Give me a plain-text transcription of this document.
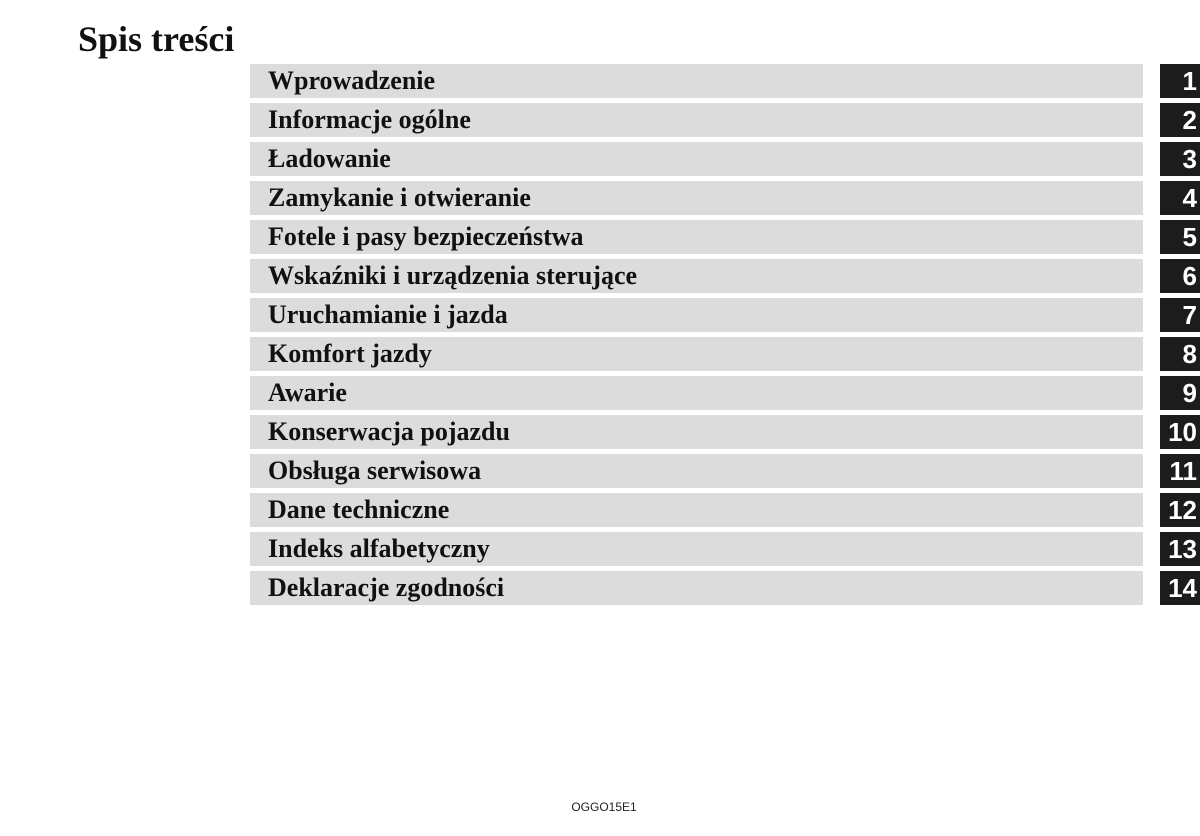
Spis treści
Wprowadzenie	1
Informacje ogólne	2
Ładowanie	3
Zamykanie i otwieranie	4
Fotele i pasy bezpieczeństwa	5
Wskaźniki i urządzenia sterujące	6
Uruchamianie i jazda	7
Komfort jazdy	8
Awarie	9
Konserwacja pojazdu	10
Obsługa serwisowa	11
Dane techniczne	12
Indeks alfabetyczny	13
Deklaracje zgodności	14
OGGO15E1
